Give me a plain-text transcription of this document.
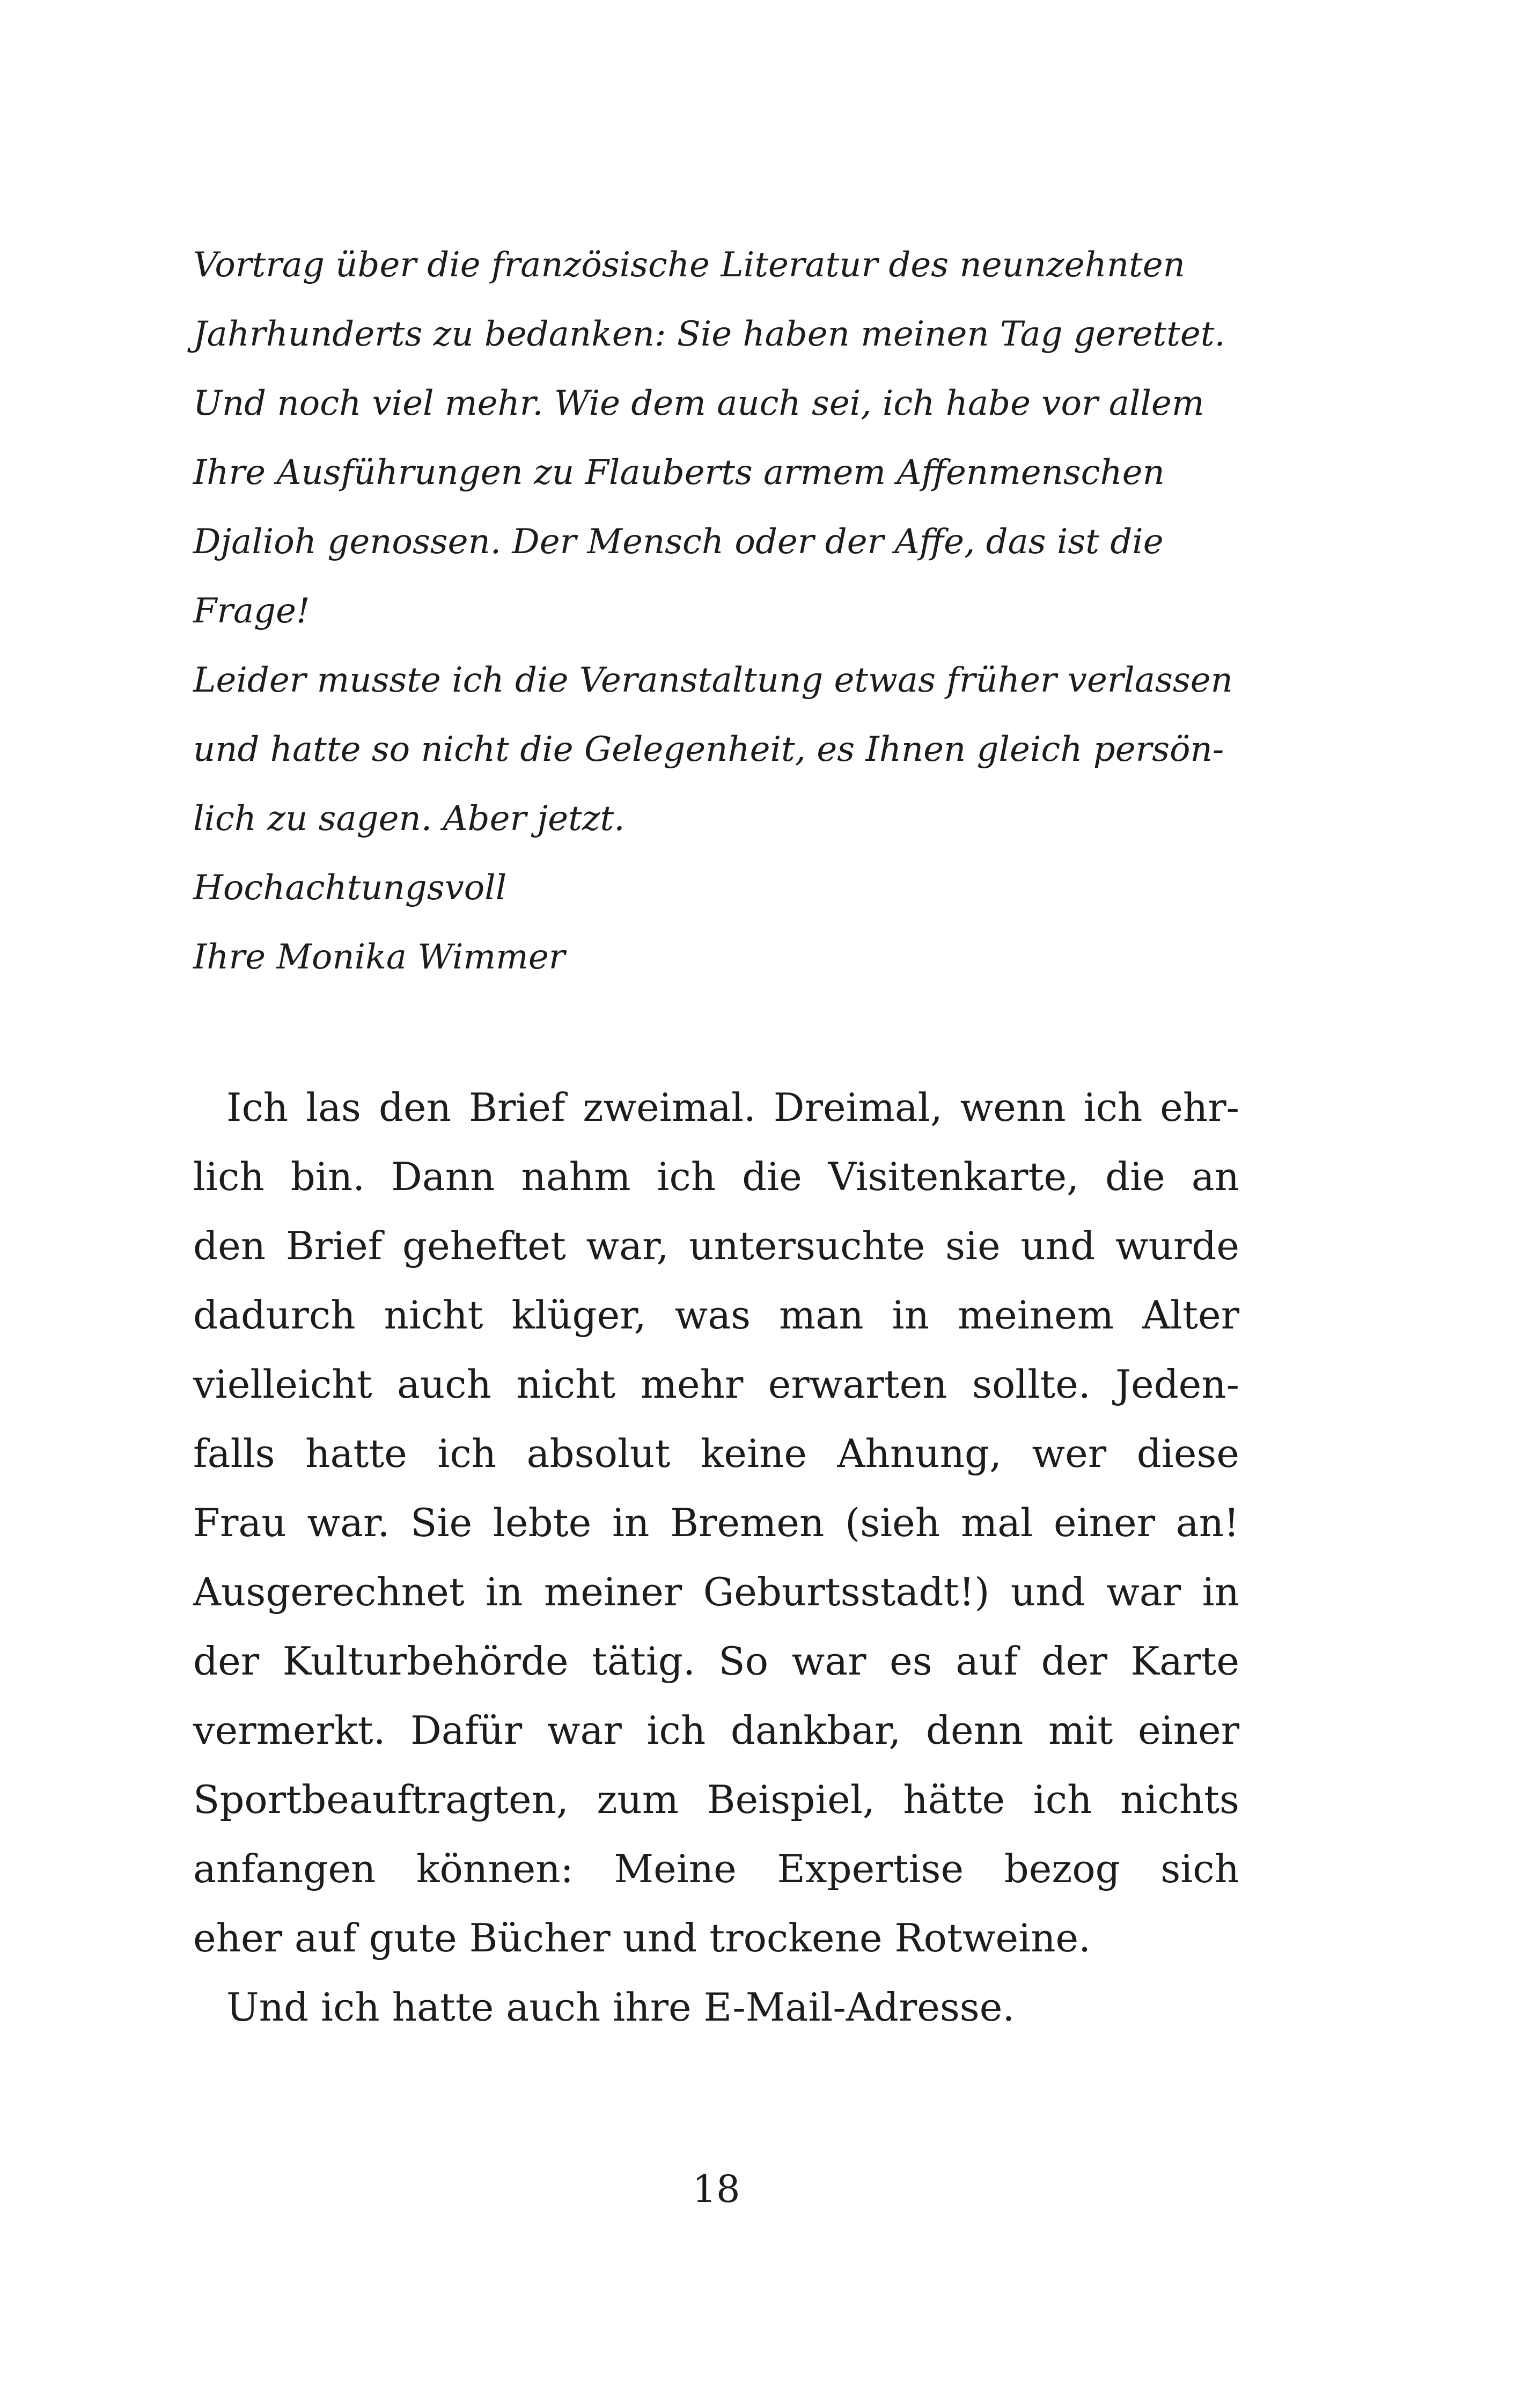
Vortrag über die französische Literatur des neunzehnten
Jahrhunderts zu bedanken: Sie haben meinen Tag gerettet.
Und noch viel mehr. Wie dem auch sei, ich habe vor allem
Ihre Ausführungen zu Flauberts armem Affenmenschen
Djalioh genossen. Der Mensch oder der Affe, das ist die
Frage!
Leider musste ich die Veranstaltung etwas früher verlassen
und hatte so nicht die Gelegenheit, es Ihnen gleich persön-
lich zu sagen. Aber jetzt.
Hochachtungsvoll
Ihre Monika Wimmer
Ich las den Brief zweimal. Dreimal, wenn ich ehr-
lich bin. Dann nahm ich die Visitenkarte, die an
den Brief geheftet war, untersuchte sie und wurde
dadurch nicht klüger, was man in meinem Alter
vielleicht auch nicht mehr erwarten sollte. Jeden-
falls hatte ich absolut keine Ahnung, wer diese
Frau war. Sie lebte in Bremen (sieh mal einer an!
Ausgerechnet in meiner Geburtsstadt!) und war in
der Kulturbehörde tätig. So war es auf der Karte
vermerkt. Dafür war ich dankbar, denn mit einer
Sportbeauftragten, zum Beispiel, hätte ich nichts
anfangen können: Meine Expertise bezog sich
eher auf gute Bücher und trockene Rotweine.
Und ich hatte auch ihre E-Mail-Adresse.
18
